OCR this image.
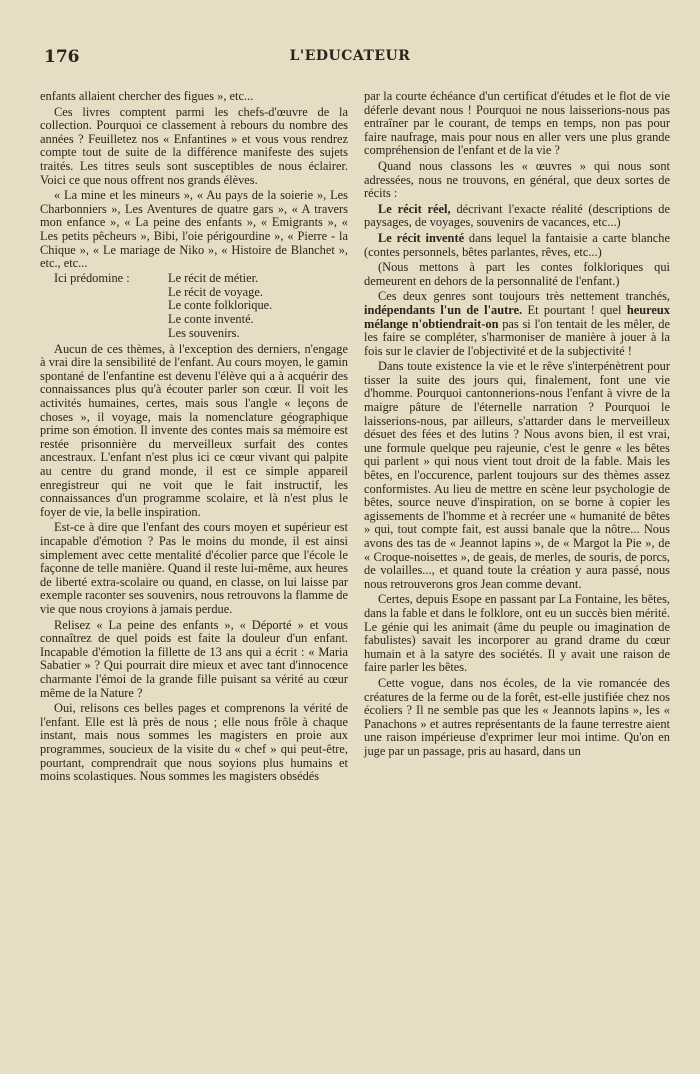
176	L'EDUCATEUR

enfants allaient chercher des figues », etc...

Ces livres comptent parmi les chefs-d'œuvre de la collection. Pourquoi ce classement à rebours du nombre des années ? Feuilletez nos « Enfantines » et vous vous rendrez compte tout de suite de la différence manifeste des sujets traités. Les titres seuls sont susceptibles de nous éclairer. Voici ce que nous offrent nos grands élèves.

« La mine et les mineurs », « Au pays de la soierie », Les Charbonniers », Les Aventures de quatre gars », « A travers mon enfance », « La peine des enfants », « Emigrants », « Les petits pêcheurs », Bibi, l'oie périgourdine », « Pierre - la Chique », « Le mariage de Niko », « Histoire de Blanchet », etc., etc...

Ici prédomine :	Le récit de métier.
Le récit de voyage.
Le conte folklorique.
Le conte inventé.
Les souvenirs.

Aucun de ces thèmes, à l'exception des derniers, n'engage à vrai dire la sensibilité de l'enfant. Au cours moyen, le gamin spontané de l'enfantine est devenu l'élève qui a à acquérir des connaissances plus qu'à écouter parler son cœur. Il voit les activités humaines, certes, mais sous l'angle « leçons de choses », il voyage, mais la nomenclature géographique prime son émotion. Il invente des contes mais sa mémoire est restée prisonnière du merveilleux surfait des contes ancestraux. L'enfant n'est plus ici ce cœur vivant qui palpite au centre du grand monde, il est ce simple appareil enregistreur qui ne voit que le fait instructif, les connaissances d'un programme scolaire, et là n'est plus le foyer de vie, la belle inspiration.

Est-ce à dire que l'enfant des cours moyen et supérieur est incapable d'émotion ? Pas le moins du monde, il est ainsi simplement avec cette mentalité d'écolier parce que l'école le façonne de telle manière. Quand il reste lui-même, aux heures de liberté extra-scolaire ou quand, en classe, on lui laisse par exemple raconter ses souvenirs, nous retrouvons la flamme de vie que nous croyions à jamais perdue.

Relisez « La peine des enfants », « Déporté » et vous connaîtrez de quel poids est faite la douleur d'un enfant. Incapable d'émotion la fillette de 13 ans qui a écrit : « Maria Sabatier » ? Qui pourrait dire mieux et avec tant d'innocence charmante l'émoi de la grande fille puisant sa vérité au cœur même de la Nature ?

Oui, relisons ces belles pages et comprenons la vérité de l'enfant. Elle est là près de nous ; elle nous frôle à chaque instant, mais nous sommes les magisters en proie aux programmes, soucieux de la visite du « chef » qui peut-être, pourtant, comprendrait que nous soyions plus humains et moins scolastiques. Nous sommes les magisters obsédés

par la courte échéance d'un certificat d'études et le flot de vie déferle devant nous ! Pourquoi ne nous laisserions-nous pas entraîner par le courant, de temps en temps, non pas pour faire naufrage, mais pour nous en aller vers une plus grande compréhension de l'enfant et de la vie ?

Quand nous classons les « œuvres » qui nous sont adressées, nous ne trouvons, en général, que deux sortes de récits :

Le récit réel, décrivant l'exacte réalité (descriptions de paysages, de voyages, souvenirs de vacances, etc...)

Le récit inventé dans lequel la fantaisie a carte blanche (contes personnels, bêtes parlantes, rêves, etc...)

(Nous mettons à part les contes folkloriques qui demeurent en dehors de la personnalité de l'enfant.)

Ces deux genres sont toujours très nettement tranchés, indépendants l'un de l'autre. Et pourtant ! quel heureux mélange n'obtiendrait-on pas si l'on tentait de les mêler, de les faire se compléter, s'harmoniser de manière à jouer à la fois sur le clavier de l'objectivité et de la subjectivité !

Dans toute existence la vie et le rêve s'interpénètrent pour tisser la suite des jours qui, finalement, font une vie d'homme. Pourquoi cantonnerions-nous l'enfant à vivre de la maigre pâture de l'éternelle narration ? Pourquoi le laisserions-nous, par ailleurs, s'attarder dans le merveilleux désuet des fées et des lutins ? Nous avons bien, il est vrai, une formule quelque peu rajeunie, c'est le genre « les bêtes qui parlent » qui nous vient tout droit de la fable. Mais les bêtes, en l'occurence, parlent toujours sur des thèmes assez conformistes. Au lieu de mettre en scène leur psychologie de bêtes, source neuve d'inspiration, on se borne à copier les agissements de l'homme et à recréer une « humanité de bêtes » qui, tout compte fait, est aussi banale que la nôtre... Nous avons des tas de « Jeannot lapins », de « Margot la Pie », de « Croque-noisettes », de geais, de merles, de souris, de porcs, de volailles..., et quand toute la création y aura passé, nous nous retrouverons gros Jean comme devant.

Certes, depuis Esope en passant par La Fontaine, les bêtes, dans la fable et dans le folklore, ont eu un succès bien mérité. Le génie qui les animait (âme du peuple ou imagination de fabulistes) savait les incorporer au grand drame du cœur humain et à la satyre des sociétés. Il y avait une raison de faire parler les bêtes.

Cette vogue, dans nos écoles, de la vie romancée des créatures de la ferme ou de la forêt, est-elle justifiée chez nos écoliers ? Il ne semble pas que les « Jeannots lapins », les « Panachons » et autres représentants de la faune terrestre aient une raison impérieuse d'exprimer leur moi intime. Qu'on en juge par un passage, pris au hasard, dans un
